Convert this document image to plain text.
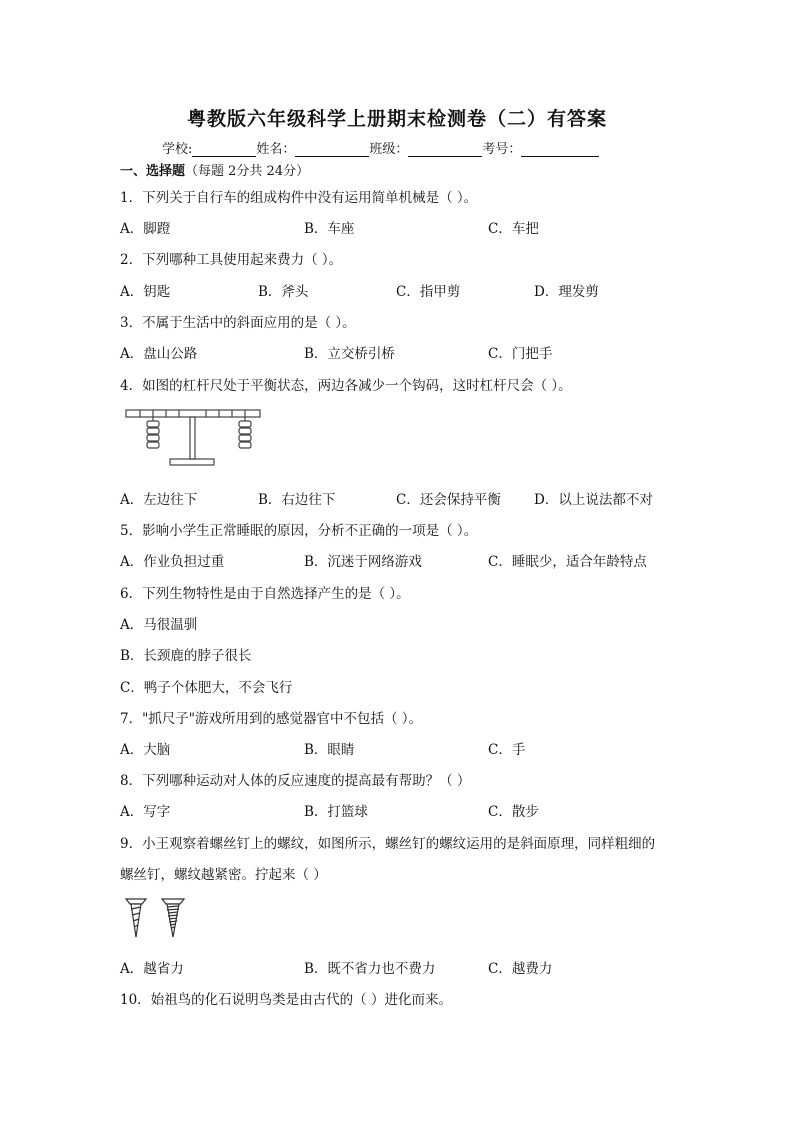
粤教版六年级科学上册期末检测卷（二）有答案
学校:	姓名：	班级：	考号：
一、选择题（每题 2分共 24分）
1．下列关于自行车的组成构件中没有运用简单机械是（ ）。
A．脚蹬	B．车座	C．车把
2．下列哪种工具使用起来费力（ ）。
A．钥匙	B．斧头	C．指甲剪	D．理发剪
3．不属于生活中的斜面应用的是（ ）。
A．盘山公路	B．立交桥引桥	C．门把手
4．如图的杠杆尺处于平衡状态，两边各减少一个钩码，这时杠杆尺会（ ）。
A．左边往下	B．右边往下	C．还会保持平衡 D．以上说法都不对
5．影响小学生正常睡眠的原因，分析不正确的一项是（ ）。
A．作业负担过重	B．沉迷于网络游戏	C．睡眠少，适合年龄特点
6．下列生物特性是由于自然选择产生的是（ ）。
A．马很温驯
B．长颈鹿的脖子很长
C．鸭子个体肥大，不会飞行
7．"抓尺子"游戏所用到的感觉器官中不包括（ ）。
A．大脑	B．眼睛	C．手
8．下列哪种运动对人体的反应速度的提高最有帮助？（ ）
A．写字	B．打篮球	C．散步
9．小王观察着螺丝钉上的螺纹，如图所示，螺丝钉的螺纹运用的是斜面原理，同样粗细的
螺丝钉，螺纹越紧密。拧起来（ ）
A．越省力	B．既不省力也不费力	C．越费力
10．始祖鸟的化石说明鸟类是由古代的（ ）进化而来。
